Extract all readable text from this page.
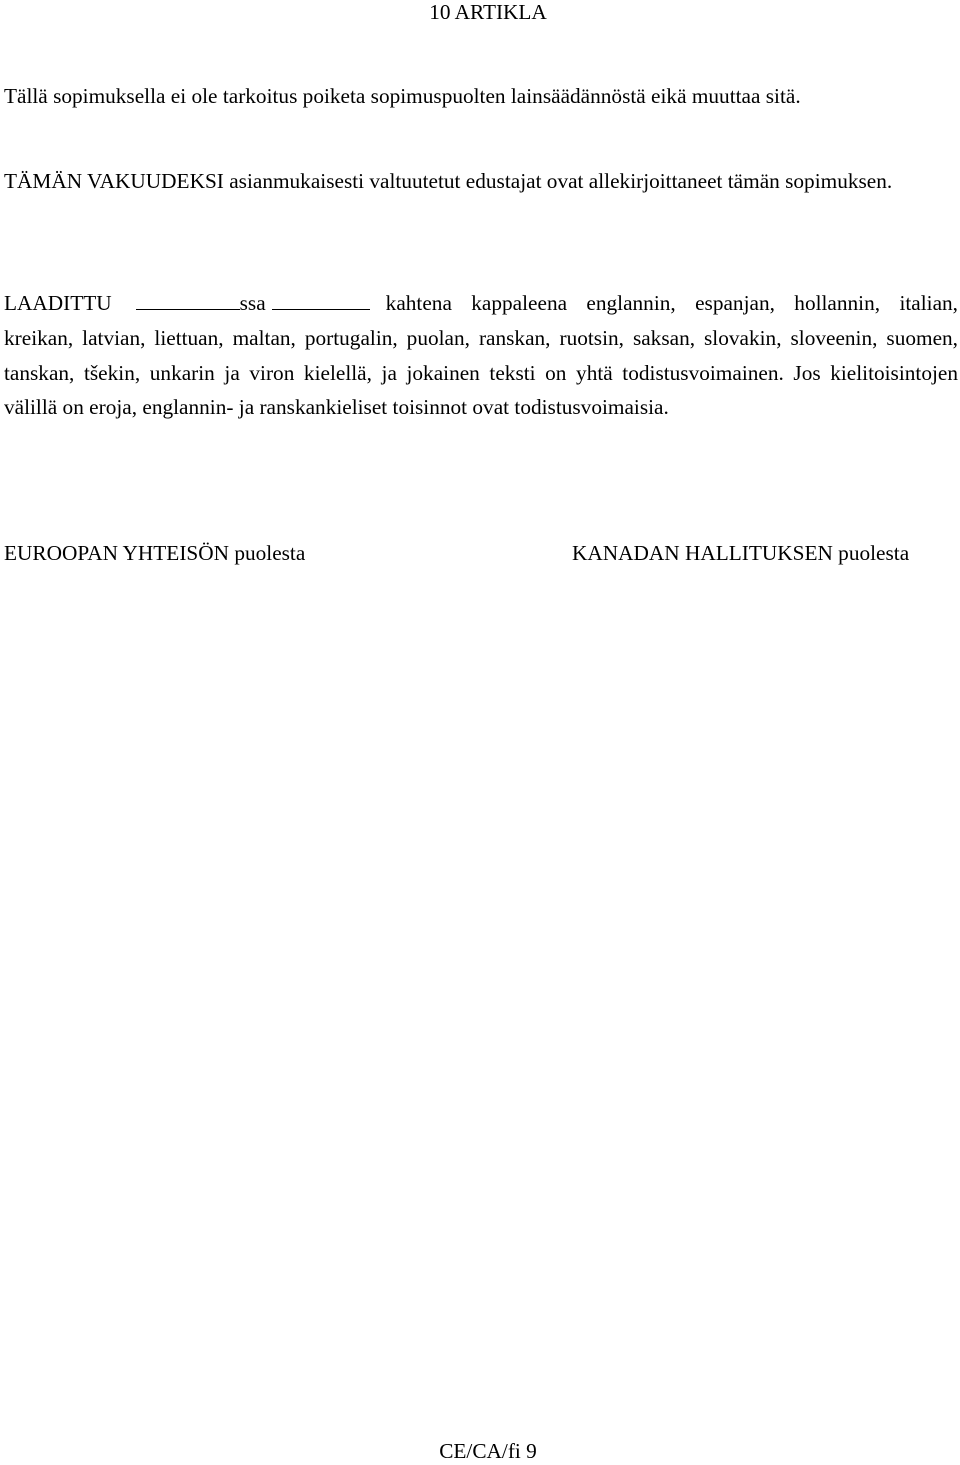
10 ARTIKLA

Tällä sopimuksella ei ole tarkoitus poiketa sopimuspuolten lainsäädännöstä eikä muuttaa sitä.

TÄMÄN VAKUUDEKSI asianmukaisesti valtuutetut edustajat ovat allekirjoittaneet tämän sopimuksen.

LAADITTU	ssa	kahtena kappaleena englannin, espanjan, hollannin, italian, kreikan, latvian, liettuan, maltan, portugalin, puolan, ranskan, ruotsin, saksan, slovakin, sloveenin, suomen, tanskan, tšekin, unkarin ja viron kielellä, ja jokainen teksti on yhtä todistusvoimainen. Jos kielitoisintojen välillä on eroja, englannin- ja ranskankieliset toisinnot ovat todistusvoimaisia.

EUROOPAN YHTEISÖN puolesta	KANADAN HALLITUKSEN puolesta
CE/CA/fi 9
